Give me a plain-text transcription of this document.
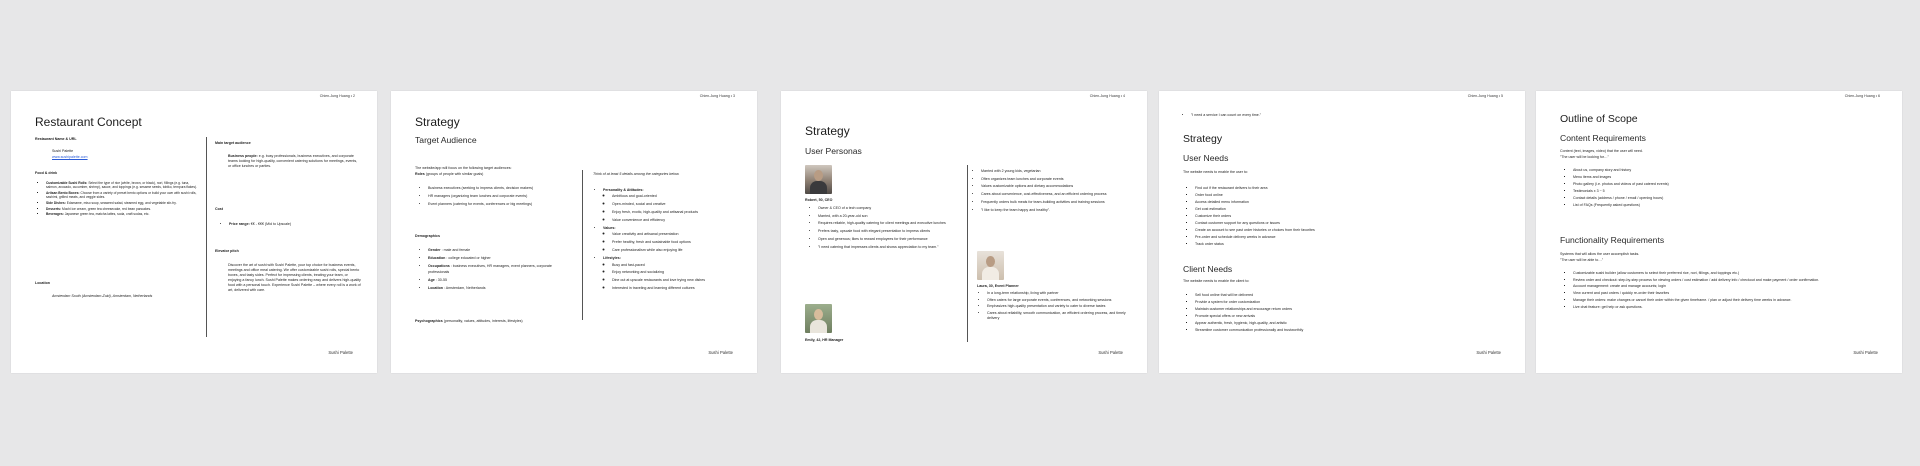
Chien-Jung Huang • 2
Restaurant Concept
Restaurant Name & URL
Sushi Palette
www.sushipalette.com
Food & drink
▪ Customizable Sushi Rolls: Select the type of rice (white, brown, or black), nori, fillings (e.g. tuna, salmon, avocado, cucumber, shrimp), sauce, and toppings (e.g. sesame seeds, tobiko, tempura flakes).
▪ Artisan Bento Boxes: Choose from a variety of preset bento options or build your own with sushi rolls, sashimi, grilled meats, and veggie sides.
▪ Side Dishes: Edamame, miso soup, seaweed salad, steamed egg, and vegetable stir-fry.
▪ Desserts: Mochi ice cream, green tea cheesecake, red bean pancakes.
▪ Beverages: Japanese green tea, matcha lattes, soda, craft sodas, etc.
Location
Amsterdam South (Amsterdam-Zuid), Amsterdam, Netherlands
Main target audience
Business people: e.g. busy professionals, business executives, and corporate teams looking for high-quality, convenient catering solutions for meetings, events, or office lunches or parties.
Cost
• Price range: €€ - €€€ (Mid to Upscale)
Elevator pitch
Discover the art of sushi with Sushi Palette, your top choice for business events, meetings and office meal catering. We offer customizable sushi rolls, special bento boxes, and tasty sides. Perfect for impressing clients, treating your team, or enjoying a fancy lunch. Sushi Palette makes ordering easy and delivers high-quality food with a personal touch. Experience Sushi Palette – where every roll is a work of art, delivered with care.
Sushi Palette
Chien-Jung Huang • 3
Strategy
Target Audience
The website/app will focus on the following target audiences:
Roles (groups of people with similar goals)
• Business executives (seeking to impress clients, decision makers)
• HR managers (organizing team lunches and corporate events)
• Event planners (catering for events, conferences or big meetings)
Demographics
• Gender : male and female
• Education : college educated or higher
• Occupations : business executives, HR managers, event planners, corporate professionals
• Age : 30-55
• Location : Amsterdam, Netherlands
Psychographics (personality, values, attitudes, interests, lifestyles)
Think of at least 5 details among the categories below.
• Personality & Attitudes:
◦ Ambitious and goal-oriented
◦ Open-minded, social and creative
◦ Enjoy fresh, exotic, high-quality and artisanal products
◦ Value convenience and efficiency
• Values:
◦ Value creativity and artisanal presentation
◦ Prefer healthy, fresh and sustainable food options
◦ Care professionalism while also enjoying life
• Lifestyles:
◦ Busy and fast-paced
◦ Enjoy networking and socializing
◦ Dine out at upscale restaurants and love trying new dishes
◦ Interested in traveling and learning different cultures
Sushi Palette
Chien-Jung Huang • 4
Strategy
User Personas
Robert, 50, CEO
• Owner & CEO of a tech company
• Married, with a 20-year-old son
• Requires reliable, high-quality catering for client meetings and executive lunches
• Prefers tasty, upscale food with elegant presentation to impress clients
• Open and generous; likes to reward employees for their performance
• "I need catering that impresses clients and shows appreciation to my team."
Emily, 42, HR Manager
• Married with 2 young kids, vegetarian
• Often organizes team lunches and corporate events
• Values customizable options and dietary accommodations
• Cares about convenience, cost-effectiveness, and an efficient ordering process
• Frequently orders bulk meals for team-building activities and training sessions
• "I like to keep the team happy and healthy".
Laura, 30, Event Planner
• In a long-term relationship, living with partner
• Often caters for large corporate events, conferences, and networking sessions
• Emphasizes high-quality presentation and variety to cater to diverse tastes
• Cares about reliability, smooth communication, an efficient ordering process, and timely delivery
Sushi Palette
Chien-Jung Huang • 5
• "I need a service I can count on every time."
Strategy
User Needs
The website needs to enable the user to:
▪ Find out if the restaurant delivers to their area
▪ Order food online
▪ Access detailed menu information
▪ Get cost estimation
▪ Customize their orders
▪ Contact customer support for any questions or issues
▪ Create an account to see past order histories or choices from their favorites
▪ Pre-order and schedule delivery weeks in advance
▪ Track order status
Client Needs
The website needs to enable the client to:
▪ Sell food online that will be delivered
▪ Provide a system for order customization
▪ Maintain customer relationships and encourage return orders
▪ Promote special offers or new arrivals
▪ Appear authentic, fresh, hygienic, high-quality, and artistic
▪ Streamline customer communication professionally and trustworthily
Sushi Palette
Chien-Jung Huang • 6
Outline of Scope
Content Requirements
Content (text, images, video) that the user will need.
"The user will be looking for…"
▪ About us, company story and history
▪ Menu items and images
▪ Photo gallery (i.e. photos and videos of past catered events)
▪ Testimonials x 3 ~ 5
▪ Contact details (address / phone / email / opening hours)
▪ List of FAQs (Frequently asked questions)
Functionality Requirements
Systems that will allow the user accomplish tasks.
"The user will be able to…"
▪ Customizable sushi builder (allow customers to select their preferred rice, nori, fillings, and toppings etc.)
▪ Review order and checkout: step-by-step process for viewing orders / cost estimation / add delivery info / checkout and make payment / order confirmation.
▪ Account management: create and manage accounts; login
▪ View current and past orders / quickly re-order their favorites
▪ Manage their orders: make changes or cancel their order within the given timeframe. / plan or adjust their delivery time weeks in advance.
▪ Live chat feature: get help or ask questions.
Sushi Palette
